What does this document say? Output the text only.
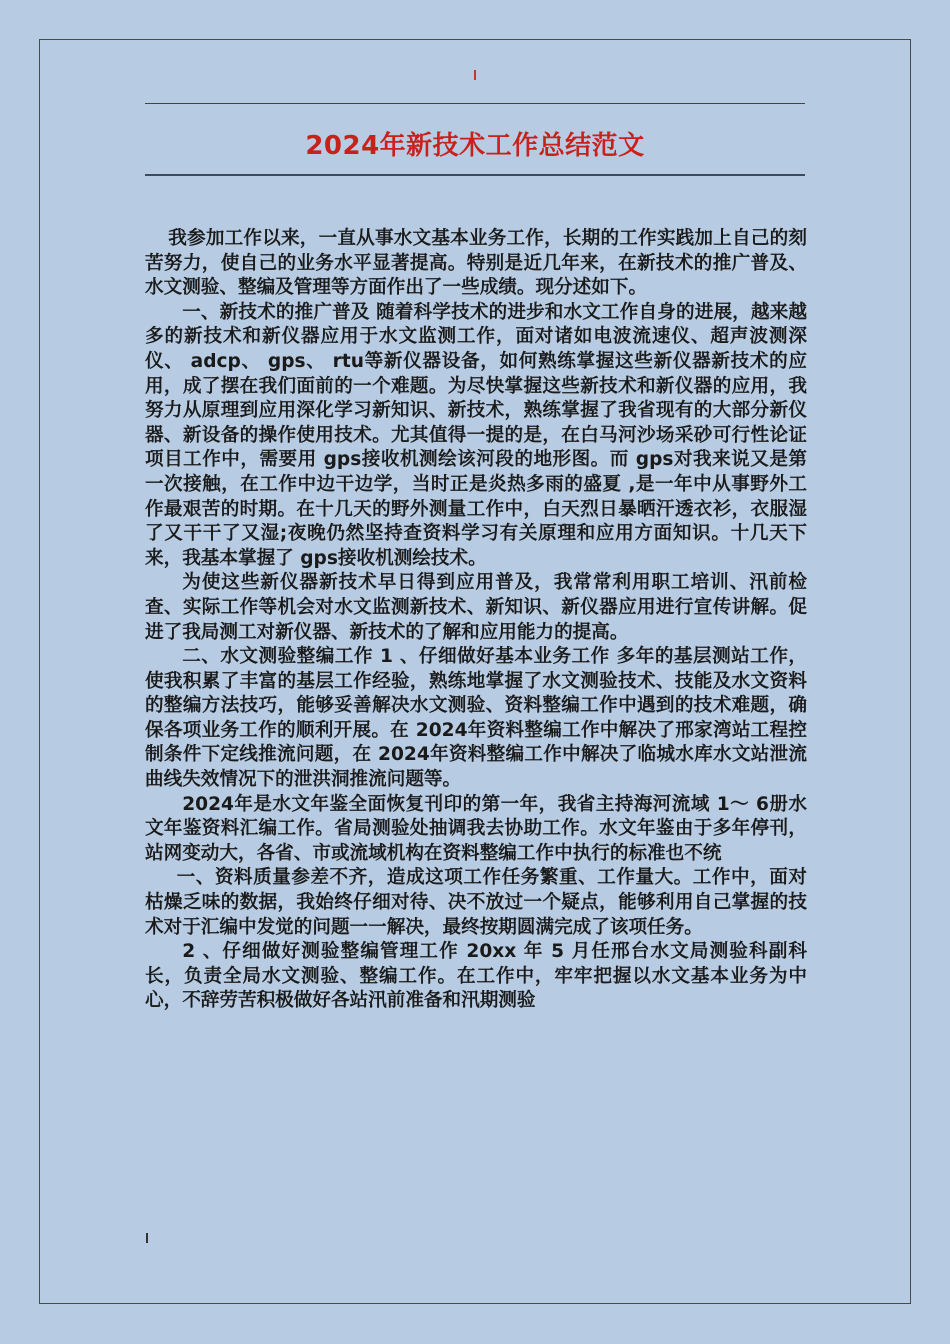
2024年新技术工作总结范文

我参加工作以来，一直从事水文基本业务工作，长期的工作实践加上自己的刻苦努力，使自己的业务水平显著提高。特别是近几年来，在新技术的推广普及、水文测验、整编及管理等方面作出了一些成绩。现分述如下。

一、新技术的推广普及 随着科学技术的进步和水文工作自身的进展，越来越多的新技术和新仪器应用于水文监测工作，面对诸如电波流速仪、超声波测深仪、 adcp、 gps、 rtu等新仪器设备，如何熟练掌握这些新仪器新技术的应用，成了摆在我们面前的一个难题。为尽快掌握这些新技术和新仪器的应用，我努力从原理到应用深化学习新知识、新技术，熟练掌握了我省现有的大部分新仪器、新设备的操作使用技术。尤其值得一提的是，在白马河沙场采砂可行性论证项目工作中，需要用 gps接收机测绘该河段的地形图。而 gps对我来说又是第一次接触，在工作中边干边学，当时正是炎热多雨的盛夏 ,是一年中从事野外工作最艰苦的时期。在十几天的野外测量工作中，白天烈日暴晒汗透衣衫，衣服湿了又干干了又湿;夜晚仍然坚持查资料学习有关原理和应用方面知识。十几天下来，我基本掌握了 gps接收机测绘技术。

为使这些新仪器新技术早日得到应用普及，我常常利用职工培训、汛前检查、实际工作等机会对水文监测新技术、新知识、新仪器应用进行宣传讲解。促进了我局测工对新仪器、新技术的了解和应用能力的提高。

二、水文测验整编工作 1 、仔细做好基本业务工作 多年的基层测站工作，使我积累了丰富的基层工作经验，熟练地掌握了水文测验技术、技能及水文资料的整编方法技巧，能够妥善解决水文测验、资料整编工作中遇到的技术难题，确保各项业务工作的顺利开展。在 2024年资料整编工作中解决了邢家湾站工程控制条件下定线推流问题，在 2024年资料整编工作中解决了临城水库水文站泄流曲线失效情况下的泄洪洞推流问题等。

2024年是水文年鉴全面恢复刊印的第一年，我省主持海河流域 1～ 6册水文年鉴资料汇编工作。省局测验处抽调我去协助工作。水文年鉴由于多年停刊，站网变动大，各省、市或流域机构在资料整编工作中执行的标准也不统

一、资料质量参差不齐，造成这项工作任务繁重、工作量大。工作中，面对枯燥乏味的数据，我始终仔细对待、决不放过一个疑点，能够利用自己掌握的技术对于汇编中发觉的问题一一解决，最终按期圆满完成了该项任务。

2 、仔细做好测验整编管理工作 20xx 年 5 月任邢台水文局测验科副科长，负责全局水文测验、整编工作。在工作中，牢牢把握以水文基本业务为中心，不辞劳苦积极做好各站汛前准备和汛期测验
